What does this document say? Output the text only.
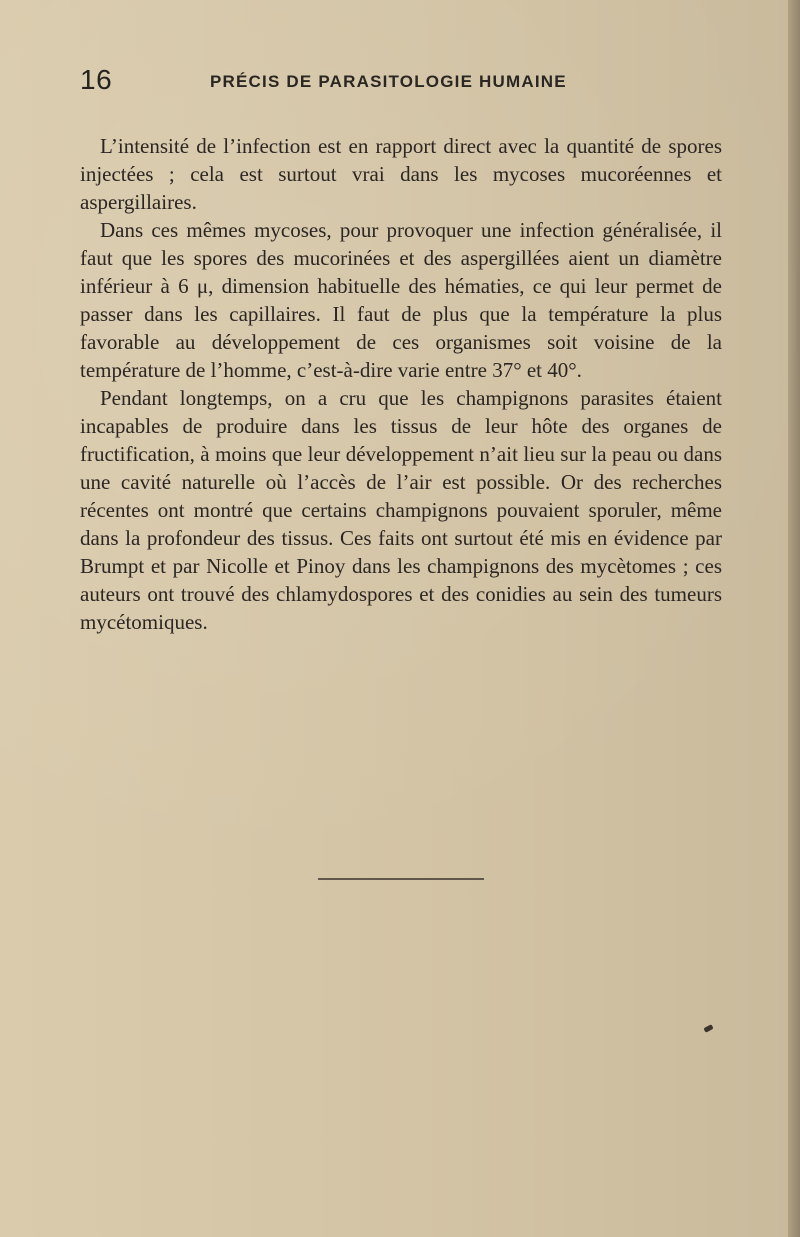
16	PRÉCIS DE PARASITOLOGIE HUMAINE

L’intensité de l’infection est en rapport direct avec la quantité de spores injectées ; cela est surtout vrai dans les mycoses mucoréennes et aspergillaires.

Dans ces mêmes mycoses, pour provoquer une infection généralisée, il faut que les spores des mucorinées et des aspergillées aient un diamètre inférieur à 6 μ, dimension habituelle des hématies, ce qui leur permet de passer dans les capillaires. Il faut de plus que la température la plus favorable au développement de ces organismes soit voisine de la température de l’homme, c’est-à-dire varie entre 37° et 40°.

Pendant longtemps, on a cru que les champignons parasites étaient incapables de produire dans les tissus de leur hôte des organes de fructification, à moins que leur développement n’ait lieu sur la peau ou dans une cavité naturelle où l’accès de l’air est possible. Or des recherches récentes ont montré que certains champignons pouvaient sporuler, même dans la profondeur des tissus. Ces faits ont surtout été mis en évidence par Brumpt et par Nicolle et Pinoy dans les champignons des mycètomes ; ces auteurs ont trouvé des chlamydospores et des conidies au sein des tumeurs mycétomiques.
